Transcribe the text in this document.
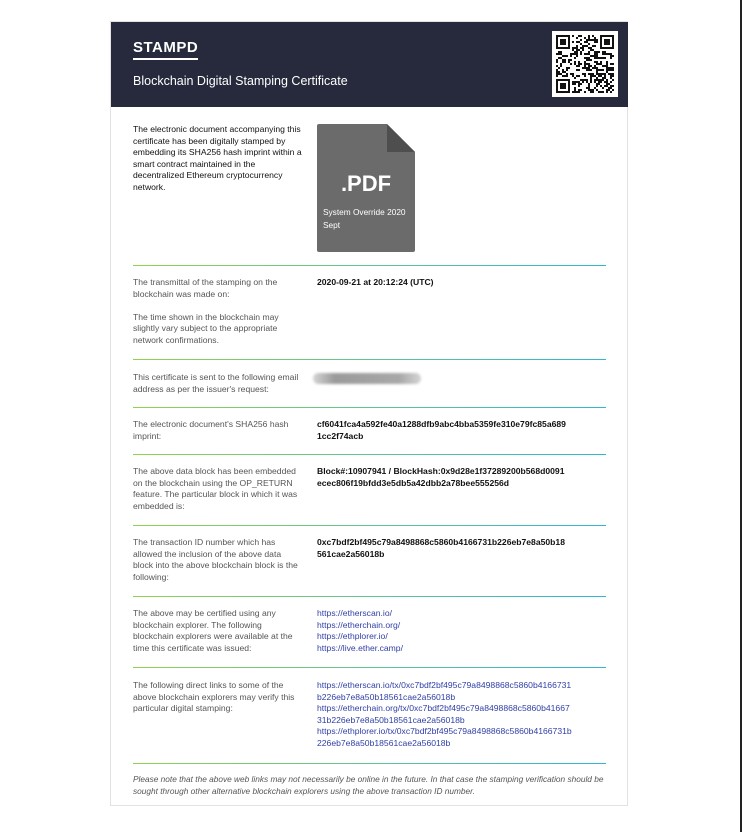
STAMPD
Blockchain Digital Stamping Certificate
The electronic document accompanying this certificate has been digitally stamped by embedding its SHA256 hash imprint within a smart contract maintained in the decentralized Ethereum cryptocurrency network.	.PDF
System Override 2020 Sept
The transmittal of the stamping on the blockchain was made on:
The time shown in the blockchain may slightly vary subject to the appropriate network confirmations.
2020-09-21 at 20:12:24 (UTC)
This certificate is sent to the following email address as per the issuer's request:
The electronic document's SHA256 hash imprint:
cf6041fca4a592fe40a1288dfb9abc4bba5359fe310e79fc85a6891cc2f74acb
The above data block has been embedded on the blockchain using the OP_RETURN feature. The particular block in which it was embedded is:
Block#:10907941 / BlockHash:0x9d28e1f37289200b568d0091ecec806f19bfdd3e5db5a42dbb2a78bee555256d
The transaction ID number which has allowed the inclusion of the above data block into the above blockchain block is the following:
0xc7bdf2bf495c79a8498868c5860b4166731b226eb7e8a50b18561cae2a56018b
The above may be certified using any blockchain explorer. The following blockchain explorers were available at the time this certificate was issued:
https://etherscan.io/
https://etherchain.org/
https://ethplorer.io/
https://live.ether.camp/
The following direct links to some of the above blockchain explorers may verify this particular digital stamping:
https://etherscan.io/tx/0xc7bdf2bf495c79a8498868c5860b4166731b226eb7e8a50b18561cae2a56018b
https://etherchain.org/tx/0xc7bdf2bf495c79a8498868c5860b4166731b226eb7e8a50b18561cae2a56018b
https://ethplorer.io/tx/0xc7bdf2bf495c79a8498868c5860b4166731b226eb7e8a50b18561cae2a56018b
Please note that the above web links may not necessarily be online in the future. In that case the stamping verification should be sought through other alternative blockchain explorers using the above transaction ID number.
